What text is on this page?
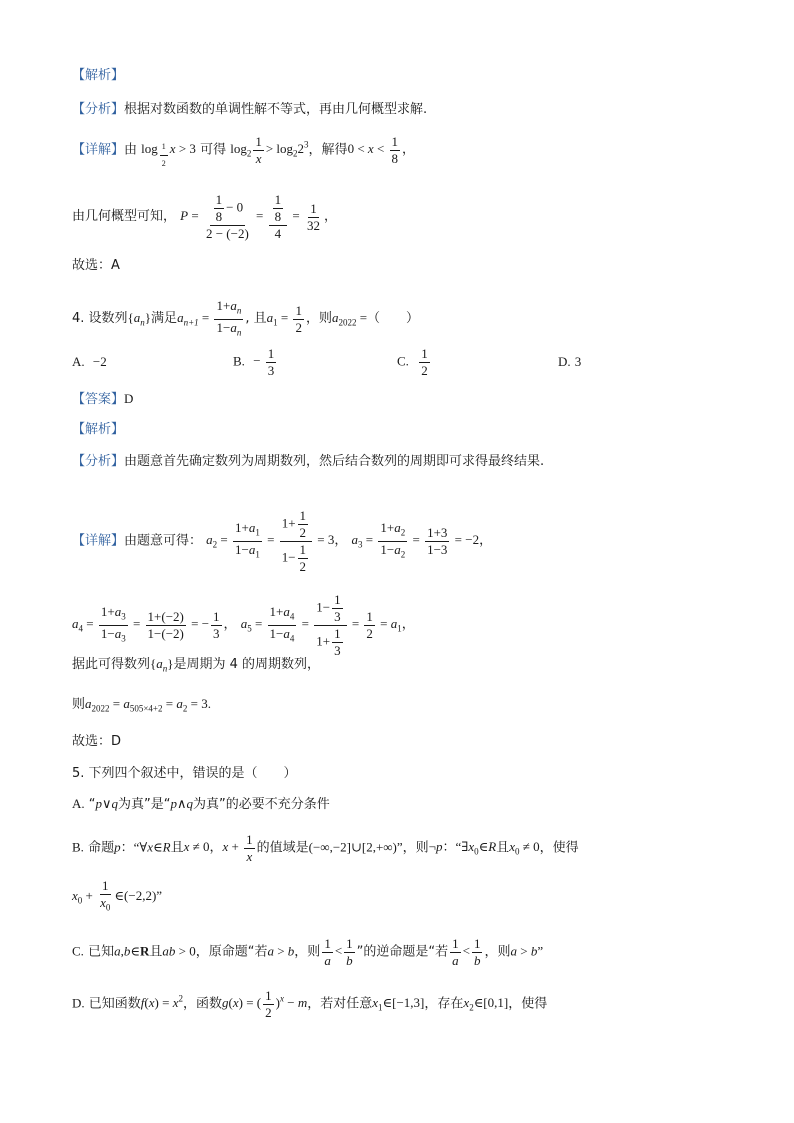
【解析】
【分析】根据对数函数的单调性解不等式，再由几何概型求解.
【详解】由 log $_{\frac{1}{2}}$ x > 3 可得 $\log_2 \frac{1}{x} > \log_22^3$，解得$0 < x < \frac{1}{8}$ ，
由几何概型可知， $P = \frac{\frac{1}{8} - 0}{2 - (-2)} = \frac{\frac{1}{8}}{4} = \frac{1}{32}$ ，
故选：A
4. 设数列$\{a_n\}$满足$a_{n+1} = \frac{1+a_n}{1-a_n}$ , 且$a_1 = \frac{1}{2}$ ，则$a_{2022}$ =（　　）
A. −2	B. − $\frac{1}{3}$	C. $\frac{1}{2}$	D. 3
【答案】D
【解析】
【分析】由题意首先确定数列为周期数列，然后结合数列的周期即可求得最终结果.
【详解】由题意可得： $a_2 = \frac{1+a_1}{1-a_1} = \frac{1+ \frac{1}{2}}{1- \frac{1}{2}} = 3$， $a_3 = \frac{1+a_2}{1-a_2} = \frac{1+3}{1-3} = -2$，
$a_4 = \frac{1+a_3}{1-a_3} = \frac{1+(-2)}{1-(-2)}$ = − $\frac{1}{3}$ ， $a_5 = \frac{1+a_4}{1-a_4} = \frac{1- \frac{1}{3}}{1+ \frac{1}{3}} = \frac{1}{2} = a_1$，
据此可得数列$\{a_n\}$是周期为 4 的周期数列，
则$a_{2022} = a_{505\times 4+2} = a_2 = 3$.
故选：D
5. 下列四个叙述中，错误的是（　　）
A. “p∨q为真”是“p∧q为真”的必要不充分条件
B. 命题p：“∀x∈R且x ≠ 0，$x + \frac{1}{x}$ 的值域是(−∞,−2]∪[2,+∞)”，则¬p：“$\exists x_0\in R$且$x_0 \ne 0$，使得
$x_0 + \frac{1}{x_0}$ ∈(−2,2)”
C. 已知a,b∈R且ab > 0，原命题“若a > b，则 $\frac{1}{a} < \frac{1}{b}$ ”的逆命题是“若 $\frac{1}{a} < \frac{1}{b}$ ，则a > b”
D. 已知函数$f(x) = x^2$，函数g(x) = ( $\frac{1}{2} )^x - m$，若对任意$x_1\in[-1,3]$，存在$x_2\in[0,1]$，使得
